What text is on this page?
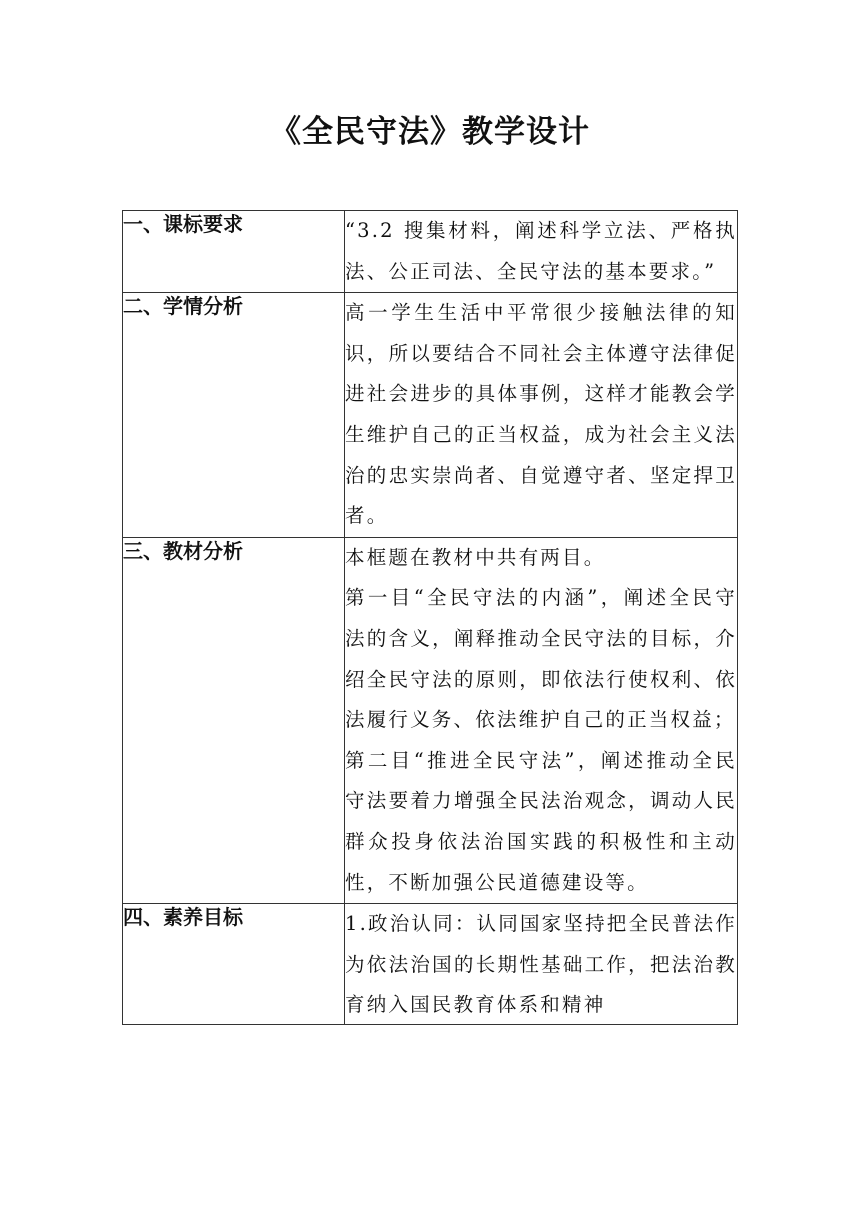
《全民守法》教学设计
一、课标要求	“3.2 搜集材料，阐述科学立法、严格执法、公正司法、全民守法的基本要求。”

二、学情分析	高一学生生活中平常很少接触法律的知识，所以要结合不同社会主体遵守法律促进社会进步的具体事例，这样才能教会学生维护自己的正当权益，成为社会主义法治的忠实崇尚者、自觉遵守者、坚定捍卫者。

三、教材分析	本框题在教材中共有两目。

第一目“全民守法的内涵”，阐述全民守法的含义，阐释推动全民守法的目标，介绍全民守法的原则，即依法行使权利、依法履行义务、依法维护自己的正当权益；

第二目“推进全民守法”，阐述推动全民守法要着力增强全民法治观念，调动人民群众投身依法治国实践的积极性和主动性，不断加强公民道德建设等。

四、素养目标	1.政治认同：认同国家坚持把全民普法作为依法治国的长期性基础工作，把法治教育纳入国民教育体系和精神
